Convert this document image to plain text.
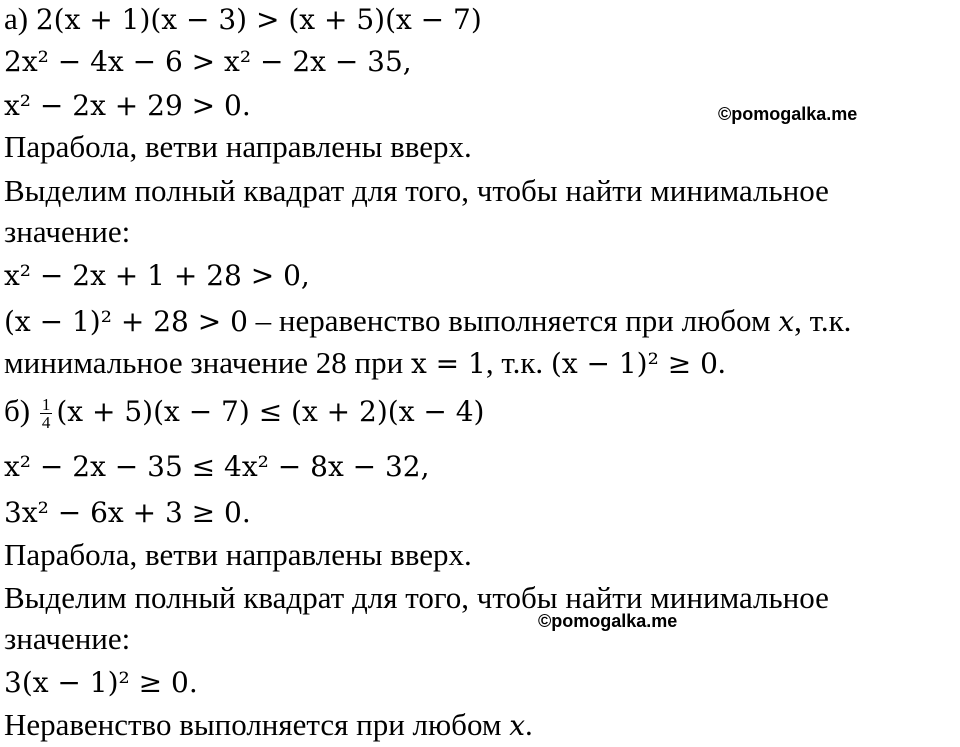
а) 2(x + 1)(x − 3) > (x + 5)(x − 7)
2x² − 4x − 6 > x² − 2x − 35,
x² − 2x + 29 > 0.	©pomogalka.me
Парабола, ветви направлены вверх.
Выделим полный квадрат для того, чтобы найти минимальное
значение:
x² − 2x + 1 + 28 > 0,
(x − 1)² + 28 > 0 – неравенство выполняется при любом x, т.к.
минимальное значение 28 при x = 1, т.к. (x − 1)² ≥ 0.
$б) \frac{1}{4} (x + 5)(x - 7) \le (x + 2)(x - 4)$
x² − 2x − 35 ≤ 4x² − 8x − 32,
3x² − 6x + 3 ≥ 0.
Парабола, ветви направлены вверх.
Выделим полный квадрат для того, чтобы найти минимальное
©pomogalka.me
значение:
3(x − 1)² ≥ 0.
Неравенство выполняется при любом x.
